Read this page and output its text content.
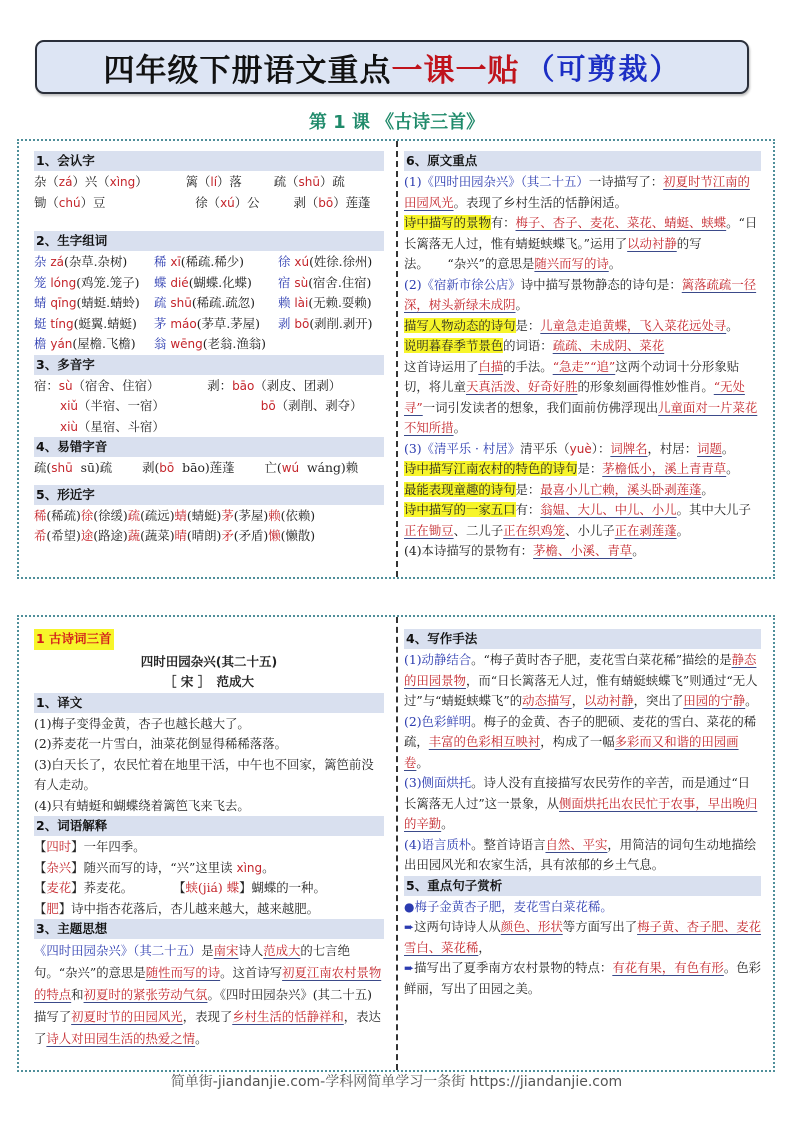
四年级下册语文重点 一课一贴 （可剪裁）
第 1 课 《古诗三首》
1、会认字
杂（zá）兴（xìng）	篱（lí）落	疏（shū）疏
锄（chú）豆	徐（xú）公	剥（bō）莲蓬
2、生字组词
杂 zá(杂草.杂树) 稀 xī(稀疏.稀少)	徐 xú(姓徐.徐州)
笼 lóng(鸡笼.笼子) 蝶 dié(蝴蝶.化蝶) 宿 sù(宿舍.住宿)
蜻 qīng(蜻蜓.蜻蛉) 疏 shū(稀疏.疏忽) 赖 lài(无赖.耍赖)
蜓 tíng(蜓翼.蜻蜓) 茅 máo(茅草.茅屋) 剥 bō(剥削.剥开)
檐 yán(屋檐.飞檐) 翁 wēng(老翁.渔翁)
3、多音字
宿：sù（宿舍、住宿）	剥：bāo（剥皮、团剥）
xiǔ（半宿、一宿）	bō（剥削、剥夺）
xiù（星宿、斗宿）
4、易错字音
疏(shū  sū)疏 剥(bō  bāo)莲蓬 亡(wú  wáng)赖
5、形近字
稀(稀疏)徐(徐缓)疏(疏远)蜻(蜻蜓)茅(茅屋)赖(依赖)
希(希望)途(路途)蔬(蔬菜)晴(晴朗)矛(矛盾)懒(懒散)
6、原文重点

(1)《四时田园杂兴》（其二十五）一诗描写了：初夏时节江南的田园风光。表现了乡村生活的恬静闲适。
诗中描写的景物有：梅子、杏子、麦花、菜花、蜻蜓、蛱蝶。“日长篱落无人过，惟有蜻蜓蛱蝶飞。”运用了以动衬静的写法。　　“杂兴”的意思是随兴而写的诗。

(2)《宿新市徐公店》诗中描写景物静态的诗句是：篱落疏疏一径深，树头新绿未成阴。
描写人物动态的诗句是：儿童急走追黄蝶，飞入菜花远处寻。
说明暮春季节景色的词语：疏疏、未成阴、菜花
这首诗运用了白描的手法。“急走”“追”这两个动词十分形象贴切，将儿童天真活泼、好奇好胜的形象刻画得惟妙惟肖。“无处寻”一词引发读者的想象，我们面前仿佛浮现出儿童面对一片菜花不知所措。

(3)《清平乐 · 村居》清平乐（yuè）：词牌名，村居：词题。
诗中描写江南农村的特色的诗句是：茅檐低小，溪上青青草。
最能表现童趣的诗句是：最喜小儿亡赖，溪头卧剥莲蓬。
诗中描写的一家五口有：翁媪、大儿、中儿、小儿。其中大儿子正在锄豆、二儿子正在织鸡笼、小儿子正在剥莲蓬。

(4)本诗描写的景物有：茅檐、小溪、青草。

1 古诗词三首
四时田园杂兴(其二十五)
［ 宋 ］　范成大
1、译文

(1)梅子变得金黄，杏子也越长越大了。

(2)荞麦花一片雪白，油菜花倒显得稀稀落落。

(3)白天长了，农民忙着在地里干活，中午也不回家，篱笆前没有人走动。

(4)只有蜻蜓和蝴蝶绕着篱笆飞来飞去。

2、词语解释

【四时】一年四季。

【杂兴】随兴而写的诗，“兴”这里读 xìng。

【麦花】荞麦花。	【蛱(jiá) 蝶】蝴蝶的一种。

【肥】诗中指杏花落后，杏儿越来越大，越来越肥。

3、主题思想

《四时田园杂兴》（其二十五）是南宋诗人范成大的七言绝句。“杂兴”的意思是随性而写的诗。这首诗写初夏江南农村景物的特点和初夏时的紧张劳动气氛。《四时田园杂兴》(其二十五)描写了初夏时节的田园风光，表现了乡村生活的恬静祥和，表达了诗人对田园生活的热爱之情。

4、写作手法

(1)动静结合。“梅子黄时杏子肥，麦花雪白菜花稀”描绘的是静态的田园景物，而“日长篱落无人过，惟有蜻蜓蛱蝶飞”则通过“无人过”与“蜻蜓蛱蝶飞”的动态描写，以动衬静，突出了田园的宁静。

(2)色彩鲜明。梅子的金黄、杏子的肥硕、麦花的雪白、菜花的稀疏，丰富的色彩相互映衬，构成了一幅多彩而又和谐的田园画卷。

(3)侧面烘托。诗人没有直接描写农民劳作的辛苦，而是通过“日长篱落无人过”这一景象，从侧面烘托出农民忙于农事，早出晚归的辛勤。

(4)语言质朴。整首诗语言自然、平实，用简洁的词句生动地描绘出田园风光和农家生活，具有浓郁的乡土气息。

5、重点句子赏析

●梅子金黄杏子肥，麦花雪白菜花稀。

➨这两句诗诗人从颜色、形状等方面写出了梅子黄、杏子肥、麦花雪白、菜花稀，

➨描写出了夏季南方农村景物的特点：有花有果，有色有形。色彩鲜丽，写出了田园之美。

简单街-jiandanjie.com-学科网简单学习一条街 https://jiandanjie.com
